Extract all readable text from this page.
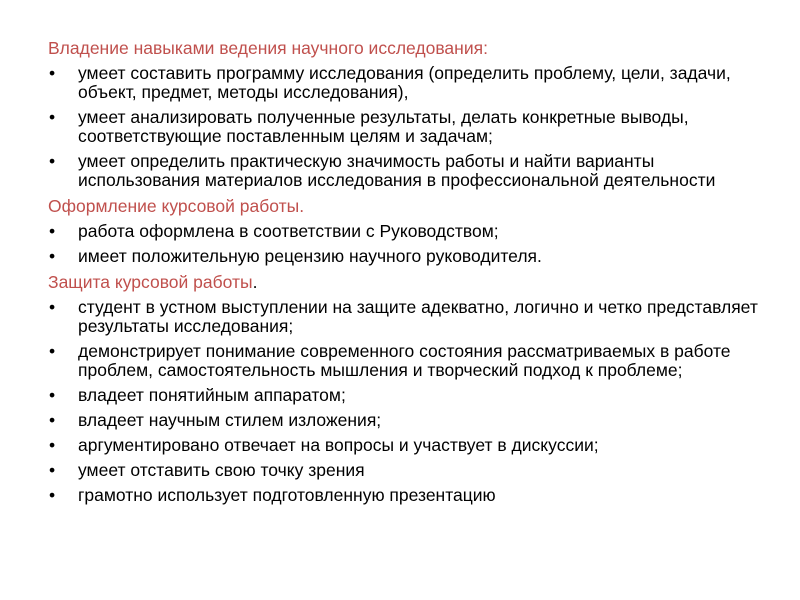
Владение навыками ведения научного исследования:
• умеет составить программу исследования (определить проблему, цели, задачи, объект, предмет, методы исследования),
• умеет анализировать полученные результаты, делать конкретные выводы, соответствующие поставленным целям и задачам;
• умеет определить практическую значимость работы и найти варианты использования материалов исследования в профессиональной деятельности
Оформление курсовой работы.
• работа оформлена в соответствии с Руководством;
• имеет положительную рецензию научного руководителя.
Защита курсовой работы.
• студент в устном выступлении на защите адекватно, логично и четко представляет результаты исследования;
• демонстрирует понимание современного состояния рассматриваемых в работе проблем, самостоятельность мышления и творческий подход к проблеме;
• владеет понятийным аппаратом;
• владеет научным стилем изложения;
• аргументировано отвечает на вопросы и участвует в дискуссии;
• умеет отставить свою точку зрения
• грамотно использует подготовленную презентацию
